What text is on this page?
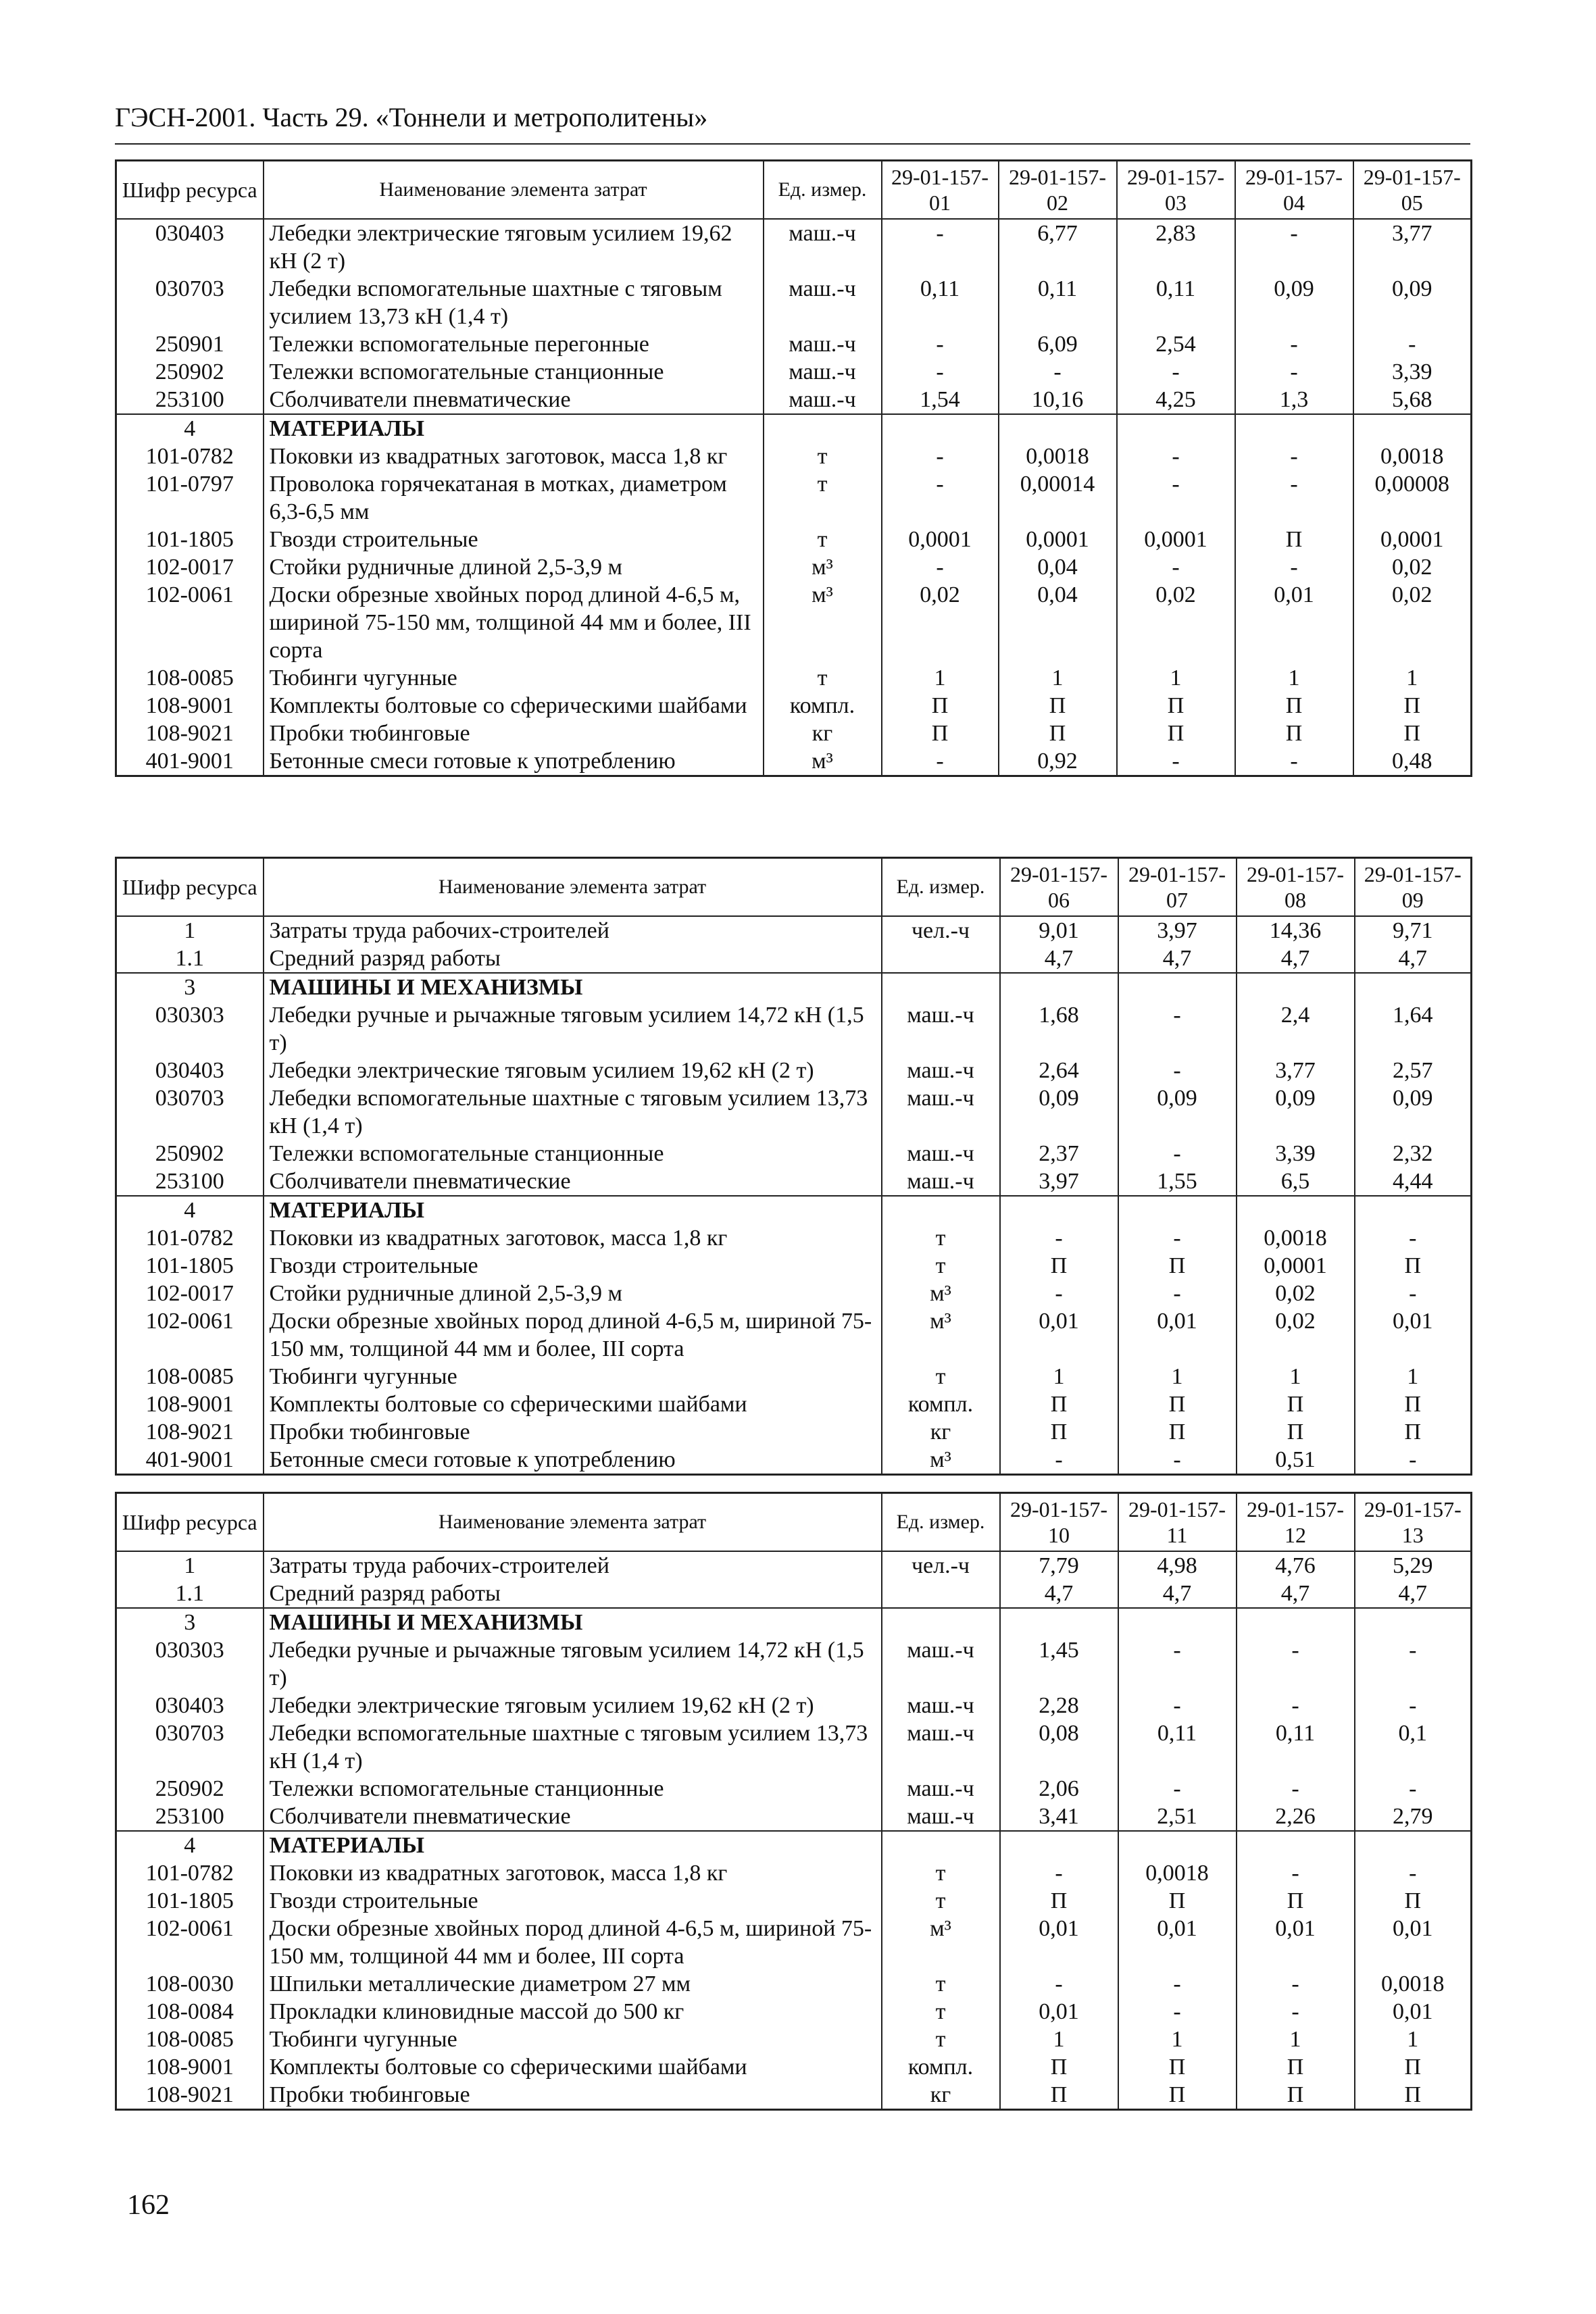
ГЭСН-2001. Часть 29. «Тоннели и метрополитены»
Шифр ресурса	Наименование элемента затрат	Ед. измер.	29-01-157-01	29-01-157-02	29-01-157-03	29-01-157-04	29-01-157-05
030403	Лебедки электрические тяговым усилием 19,62 кН (2 т)	маш.-ч	-	6,77	2,83	-	3,77
030703	Лебедки вспомогательные шахтные с тяговым усилием 13,73 кН (1,4 т)	маш.-ч	0,11	0,11	0,11	0,09	0,09
250901	Тележки вспомогательные перегонные	маш.-ч	-	6,09	2,54	-	-
250902	Тележки вспомогательные станционные	маш.-ч	-	-	-	-	3,39
253100	Сболчиватели пневматические	маш.-ч	1,54	10,16	4,25	1,3	5,68
4	МАТЕРИАЛЫ						
101-0782	Поковки из квадратных заготовок, масса 1,8 кг	т	-	0,0018	-	-	0,0018
101-0797	Проволока горячекатаная в мотках, диаметром 6,3-6,5 мм	т	-	0,00014	-	-	0,00008
101-1805	Гвозди строительные	т	0,0001	0,0001	0,0001	П	0,0001
102-0017	Стойки рудничные длиной 2,5-3,9 м	м³	-	0,04	-	-	0,02
102-0061	Доски обрезные хвойных пород длиной 4-6,5 м, шириной 75-150 мм, толщиной 44 мм и более, III сорта	м³	0,02	0,04	0,02	0,01	0,02
108-0085	Тюбинги чугунные	т	1	1	1	1	1
108-9001	Комплекты болтовые со сферическими шайбами	компл.	П	П	П	П	П
108-9021	Пробки тюбинговые	кг	П	П	П	П	П
401-9001	Бетонные смеси готовые к употреблению	м³	-	0,92	-	-	0,48
Шифр ресурса	Наименование элемента затрат	Ед. измер.	29-01-157-06	29-01-157-07	29-01-157-08	29-01-157-09
1	Затраты труда рабочих-строителей	чел.-ч	9,01	3,97	14,36	9,71
1.1	Средний разряд работы		4,7	4,7	4,7	4,7
3	МАШИНЫ И МЕХАНИЗМЫ					
030303	Лебедки ручные и рычажные тяговым усилием 14,72 кН (1,5 т)	маш.-ч	1,68	-	2,4	1,64
030403	Лебедки электрические тяговым усилием 19,62 кН (2 т)	маш.-ч	2,64	-	3,77	2,57
030703	Лебедки вспомогательные шахтные с тяговым усилием 13,73 кН (1,4 т)	маш.-ч	0,09	0,09	0,09	0,09
250902	Тележки вспомогательные станционные	маш.-ч	2,37	-	3,39	2,32
253100	Сболчиватели пневматические	маш.-ч	3,97	1,55	6,5	4,44
4	МАТЕРИАЛЫ					
101-0782	Поковки из квадратных заготовок, масса 1,8 кг	т	-	-	0,0018	-
101-1805	Гвозди строительные	т	П	П	0,0001	П
102-0017	Стойки рудничные длиной 2,5-3,9 м	м³	-	-	0,02	-
102-0061	Доски обрезные хвойных пород длиной 4-6,5 м, шириной 75-150 мм, толщиной 44 мм и более, III сорта	м³	0,01	0,01	0,02	0,01
108-0085	Тюбинги чугунные	т	1	1	1	1
108-9001	Комплекты болтовые со сферическими шайбами	компл.	П	П	П	П
108-9021	Пробки тюбинговые	кг	П	П	П	П
401-9001	Бетонные смеси готовые к употреблению	м³	-	-	0,51	-
Шифр ресурса	Наименование элемента затрат	Ед. измер.	29-01-157-10	29-01-157-11	29-01-157-12	29-01-157-13
1	Затраты труда рабочих-строителей	чел.-ч	7,79	4,98	4,76	5,29
1.1	Средний разряд работы		4,7	4,7	4,7	4,7
3	МАШИНЫ И МЕХАНИЗМЫ					
030303	Лебедки ручные и рычажные тяговым усилием 14,72 кН (1,5 т)	маш.-ч	1,45	-	-	-
030403	Лебедки электрические тяговым усилием 19,62 кН (2 т)	маш.-ч	2,28	-	-	-
030703	Лебедки вспомогательные шахтные с тяговым усилием 13,73 кН (1,4 т)	маш.-ч	0,08	0,11	0,11	0,1
250902	Тележки вспомогательные станционные	маш.-ч	2,06	-	-	-
253100	Сболчиватели пневматические	маш.-ч	3,41	2,51	2,26	2,79
4	МАТЕРИАЛЫ					
101-0782	Поковки из квадратных заготовок, масса 1,8 кг	т	-	0,0018	-	-
101-1805	Гвозди строительные	т	П	П	П	П
102-0061	Доски обрезные хвойных пород длиной 4-6,5 м, шириной 75-150 мм, толщиной 44 мм и более, III сорта	м³	0,01	0,01	0,01	0,01
108-0030	Шпильки металлические диаметром 27 мм	т	-	-	-	0,0018
108-0084	Прокладки клиновидные массой до 500 кг	т	0,01	-	-	0,01
108-0085	Тюбинги чугунные	т	1	1	1	1
108-9001	Комплекты болтовые со сферическими шайбами	компл.	П	П	П	П
108-9021	Пробки тюбинговые	кг	П	П	П	П
162
